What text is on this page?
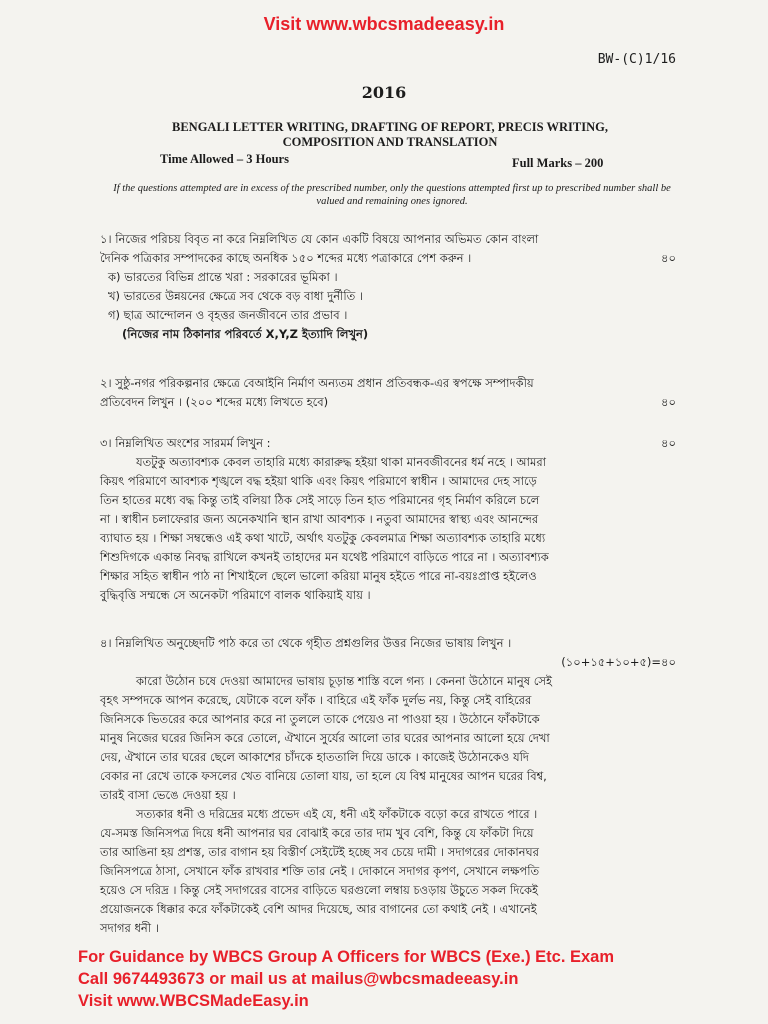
Visit www.wbcsmadeeasy.in
BW-(C)1/16
2016
BENGALI LETTER WRITING, DRAFTING OF REPORT, PRECIS WRITING,
COMPOSITION AND TRANSLATION
Time Allowed – 3 Hours	Full Marks – 200
If the questions attempted are in excess of the prescribed number, only the questions attempted first up to prescribed number shall be valued and remaining ones ignored.

১। নিজের পরিচয় বিবৃত না করে নিম্নলিখিত যে কোন একটি বিষয়ে আপনার অভিমত কোন বাংলা

দৈনিক পত্রিকার সম্পাদকের কাছে অনধিক ১৫০ শব্দের মধ্যে পত্রাকারে পেশ করুন ।	৪০

ক) ভারতের বিভিন্ন প্রান্তে খরা : সরকারের ভূমিকা ।

খ) ভারতের উন্নয়নের ক্ষেত্রে সব থেকে বড় বাধা দুর্নীতি ।

গ) ছাত্র আন্দোলন ও বৃহত্তর জনজীবনে তার প্রভাব ।

(নিজের নাম ঠিকানার পরিবর্তে X,Y,Z ইত্যাদি লিখুন)

২। সুষ্ঠু-নগর পরিকল্পনার ক্ষেত্রে বেআইনি নির্মাণ অন্যতম প্রধান প্রতিবন্ধক-এর স্বপক্ষে সম্পাদকীয়

প্রতিবেদন লিখুন । (২০০ শব্দের মধ্যে লিখতে হবে)	৪০

৩। নিম্নলিখিত অংশের সারমর্ম লিখুন :	৪০

যতটুকু অত্যাবশ্যক কেবল তাহারি মধ্যে কারারুদ্ধ হইয়া থাকা মানবজীবনের ধর্ম নহে । আমরা

কিয়ৎ পরিমাণে আবশ্যক শৃঙ্খলে বদ্ধ হইয়া থাকি এবং কিয়ৎ পরিমাণে স্বাধীন । আমাদের দেহ সাড়ে

তিন হাতের মধ্যে বদ্ধ কিন্তু তাই বলিয়া ঠিক সেই সাড়ে তিন হাত পরিমানের গৃহ নির্মাণ করিলে চলে

না । স্বাধীন চলাফেরার জন্য অনেকখানি স্থান রাখা আবশ্যক । নতুবা আমাদের স্বাস্থ্য এবং আনন্দের

ব্যাঘাত হয় । শিক্ষা সম্বন্ধেও এই কথা খাটে, অর্থাৎ যতটুকু কেবলমাত্র শিক্ষা অত্যাবশ্যক তাহারি মধ্যে

শিশুদিগকে একান্ত নিবদ্ধ রাখিলে কখনই তাহাদের মন যথেষ্ট পরিমাণে বাড়িতে পারে না । অত্যাবশ্যক

শিক্ষার সহিত স্বাধীন পাঠ না শিখাইলে ছেলে ভালো করিয়া মানুষ হইতে পারে না-বয়ঃপ্রাপ্ত হইলেও

বুদ্ধিবৃত্তি সম্মন্ধে সে অনেকটা পরিমাণে বালক থাকিয়াই যায় ।

৪। নিম্নলিখিত অনুচ্ছেদটি পাঠ করে তা থেকে গৃহীত প্রশ্নগুলির উত্তর নিজের ভাষায় লিখুন ।

(১০+১৫+১০+৫)=৪০

কারো উঠোন চষে দেওয়া আমাদের ভাষায় চূড়ান্ত শাস্তি বলে গন্য । কেননা উঠোনে মানুষ সেই

বৃহৎ সম্পদকে আপন করেছে, যেটাকে বলে ফাঁক । বাহিরে এই ফাঁক দুর্লভ নয়, কিন্তু সেই বাহিরের

জিনিসকে ভিতরের করে আপনার করে না তুললে তাকে পেয়েও না পাওয়া হয় । উঠোনে ফাঁকটাকে

মানুষ নিজের ঘরের জিনিস করে তোলে, ঐখানে সুর্যের আলো তার ঘরের আপনার আলো হয়ে দেখা

দেয়, ঐখানে তার ঘরের ছেলে আকাশের চাঁদকে হাততালি দিয়ে ডাকে । কাজেই উঠোনকেও যদি

বেকার না রেখে তাকে ফসলের খেত বানিয়ে তোলা যায়, তা হলে যে বিশ্ব মানুষের আপন ঘরের বিশ্ব,

তারই বাসা ভেঙে দেওয়া হয় ।

সত্যকার ধনী ও দরিদ্রের মধ্যে প্রভেদ এই যে, ধনী এই ফাঁকটাকে বড়ো করে রাখতে পারে ।

যে-সমস্ত জিনিসপত্র দিয়ে ধনী আপনার ঘর বোঝাই করে তার দাম খুব বেশি, কিন্তু যে ফাঁকটা দিয়ে

তার আঙিনা হয় প্রশস্ত, তার বাগান হয় বিস্তীর্ণ সেইটেই হচ্ছে সব চেয়ে দামী । সদাগরের দোকানঘর

জিনিসপত্রে ঠাসা, সেখানে ফাঁক রাখবার শক্তি তার নেই । দোকানে সদাগর কৃপণ, সেখানে লক্ষপতি

হয়েও সে দরিদ্র । কিন্তু সেই সদাগরের বাসের বাড়িতে ঘরগুলো লম্বায় চওড়ায় উচুতে সকল দিকেই

প্রয়োজনকে ধিক্কার করে ফাঁকটাকেই বেশি আদর দিয়েছে, আর বাগানের তো কথাই নেই । এখানেই

সদাগর ধনী ।

For Guidance by WBCS Group A Officers for WBCS (Exe.) Etc. Exam
Call 9674493673 or mail us at mailus@wbcsmadeeasy.in
Visit www.WBCSMadeEasy.in
